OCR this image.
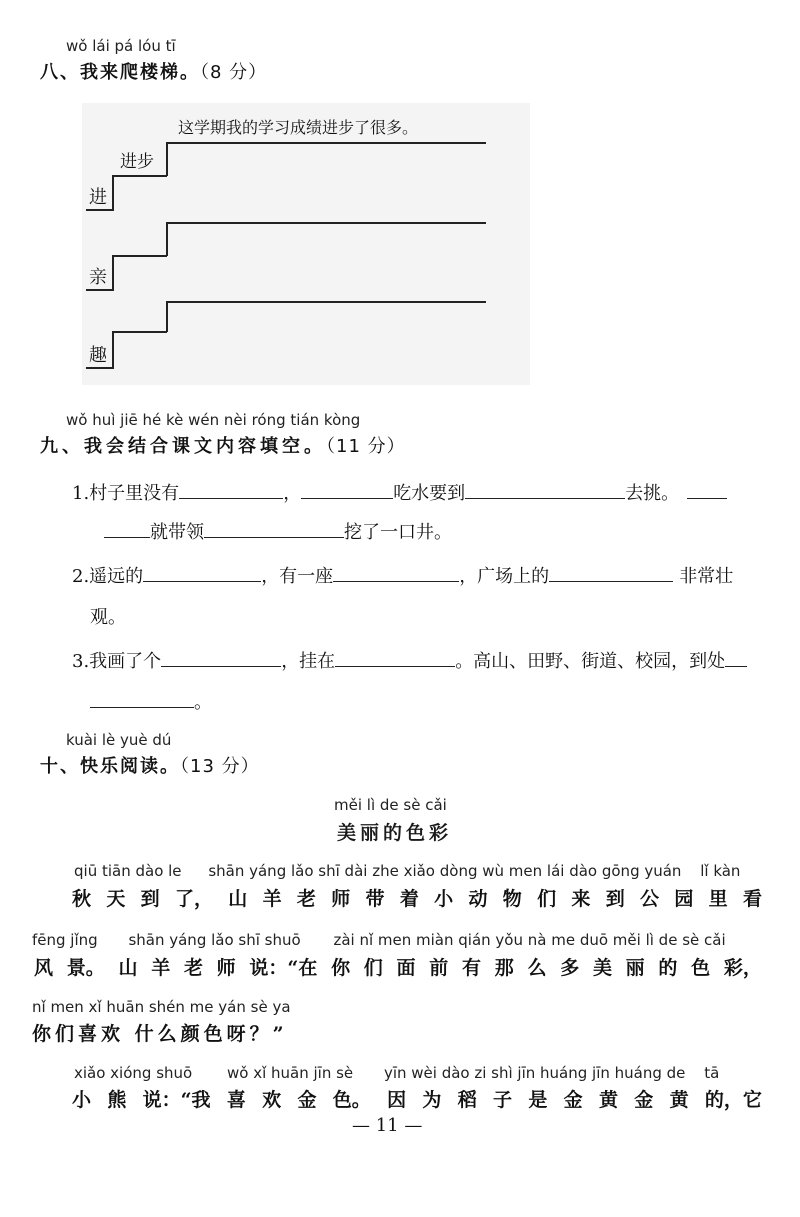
wǒ lái pá lóu tī
八、我来爬楼梯。（8 分）
这学期我的学习成绩进步了很多。
进
进步
亲
趣
wǒ huì jiē hé kè wén nèi róng tián kòng
九、我会结合课文内容填空。（11 分）
1.村子里没有	，	吃水要到	去挑。
就带领	挖了一口井。
2.遥远的	，有一座	，广场上的	非常壮
观。
3.我画了个	，挂在	。高山、田野、街道、校园，到处
。
kuài lè yuè dú
十、快乐阅读。（13 分）
měi lì de sè cǎi
美丽的色彩
qiū tiān dào le shān yáng lǎo shī dài zhe xiǎo dòng wù men lái dào gōng yuán lǐ kàn
秋 天 到 了， 山 羊 老 师 带 着 小 动 物 们 来 到 公 园 里 看
fēng jǐng shān yáng lǎo shī shuō zài nǐ men miàn qián yǒu nà me duō měi lì de sè cǎi
风 景。 山 羊 老 师 说：“在 你 们 面 前 有 那 么 多 美 丽 的 色 彩，
nǐ men xǐ huān shén me yán sè ya
你们喜欢 什么颜色呀？”
xiǎo xióng shuō wǒ xǐ huān jīn sè yīn wèi dào zi shì jīn huáng jīn huáng de tā
小 熊 说：“我 喜 欢 金 色。 因 为 稻 子 是 金 黄 金 黄 的，它
— 11 —
